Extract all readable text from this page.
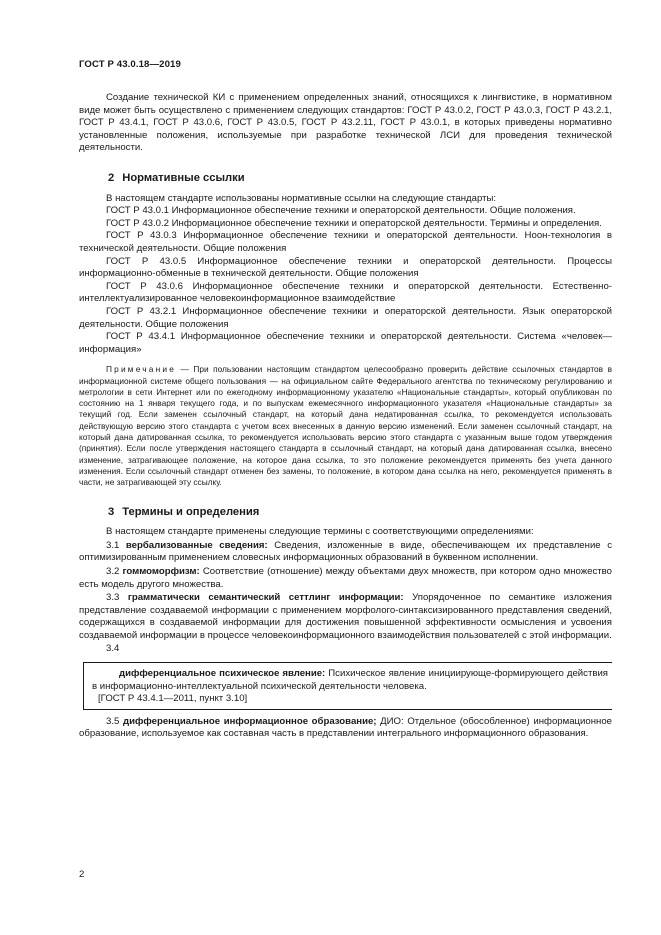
ГОСТ Р 43.0.18—2019

Создание технической КИ с применением определенных знаний, относящихся к лингвистике, в нормативном виде может быть осуществлено с применением следующих стандартов: ГОСТ Р 43.0.2, ГОСТ Р 43.0.3, ГОСТ Р 43.2.1, ГОСТ Р 43.4.1, ГОСТ Р 43.0.6, ГОСТ Р 43.0.5, ГОСТ Р 43.2.11, ГОСТ Р 43.0.1, в которых приведены нормативно установленные положения, используемые при разработке технической ЛСИ для проведения технической деятельности.

2 Нормативные ссылки

В настоящем стандарте использованы нормативные ссылки на следующие стандарты:

ГОСТ Р 43.0.1 Информационное обеспечение техники и операторской деятельности. Общие положения.

ГОСТ Р 43.0.2 Информационное обеспечение техники и операторской деятельности. Термины и определения.

ГОСТ Р 43.0.3 Информационное обеспечение техники и операторской деятельности. Ноон-технология в технической деятельности. Общие положения

ГОСТ Р 43.0.5 Информационное обеспечение техники и операторской деятельности. Процессы информационно-обменные в технической деятельности. Общие положения

ГОСТ Р 43.0.6 Информационное обеспечение техники и операторской деятельности. Естественно-интеллектуализированное человекоинформационное взаимодействие

ГОСТ Р 43.2.1 Информационное обеспечение техники и операторской деятельности. Язык операторской деятельности. Общие положения

ГОСТ Р 43.4.1 Информационное обеспечение техники и операторской деятельности. Система «человек—информация»

Примечание — При пользовании настоящим стандартом целесообразно проверить действие ссылочных стандартов в информационной системе общего пользования — на официальном сайте Федерального агентства по техническому регулированию и метрологии в сети Интернет или по ежегодному информационному указателю «Национальные стандарты», который опубликован по состоянию на 1 января текущего года, и по выпускам ежемесячного информационного указателя «Национальные стандарты» за текущий год. Если заменен ссылочный стандарт, на который дана недатированная ссылка, то рекомендуется использовать действующую версию этого стандарта с учетом всех внесенных в данную версию изменений. Если заменен ссылочный стандарт, на который дана датированная ссылка, то рекомендуется использовать версию этого стандарта с указанным выше годом утверждения (принятия). Если после утверждения настоящего стандарта в ссылочный стандарт, на который дана датированная ссылка, внесено изменение, затрагивающее положение, на которое дана ссылка, то это положение рекомендуется применять без учета данного изменения. Если ссылочный стандарт отменен без замены, то положение, в котором дана ссылка на него, рекомендуется применять в части, не затрагивающей эту ссылку.

3 Термины и определения

В настоящем стандарте применены следующие термины с соответствующими определениями:

3.1 вербализованные сведения: Сведения, изложенные в виде, обеспечивающем их представление с оптимизированным применением словесных информационных образований в буквенном исполнении.

3.2 гоммоморфизм: Соответствие (отношение) между объектами двух множеств, при котором одно множество есть модель другого множества.

3.3 грамматически семантический сеттлинг информации: Упорядоченное по семантике изложения представление создаваемой информации с применением морфолого-синтаксизированного представления сведений, содержащихся в создаваемой информации для достижения повышенной эффективности осмысления и усвоения создаваемой информации в процессе человекоинформационного взаимодействия пользователей с этой информации.

3.4

дифференциальное психическое явление: Психическое явление инициирующе-формирующего действия в информационно-интеллектуальной психической деятельности человека.

[ГОСТ Р 43.4.1—2011, пункт 3.10]

3.5 дифференциальное информационное образование; ДИО: Отдельное (обособленное) информационное образование, используемое как составная часть в представлении интегрального информационного образования.

2
